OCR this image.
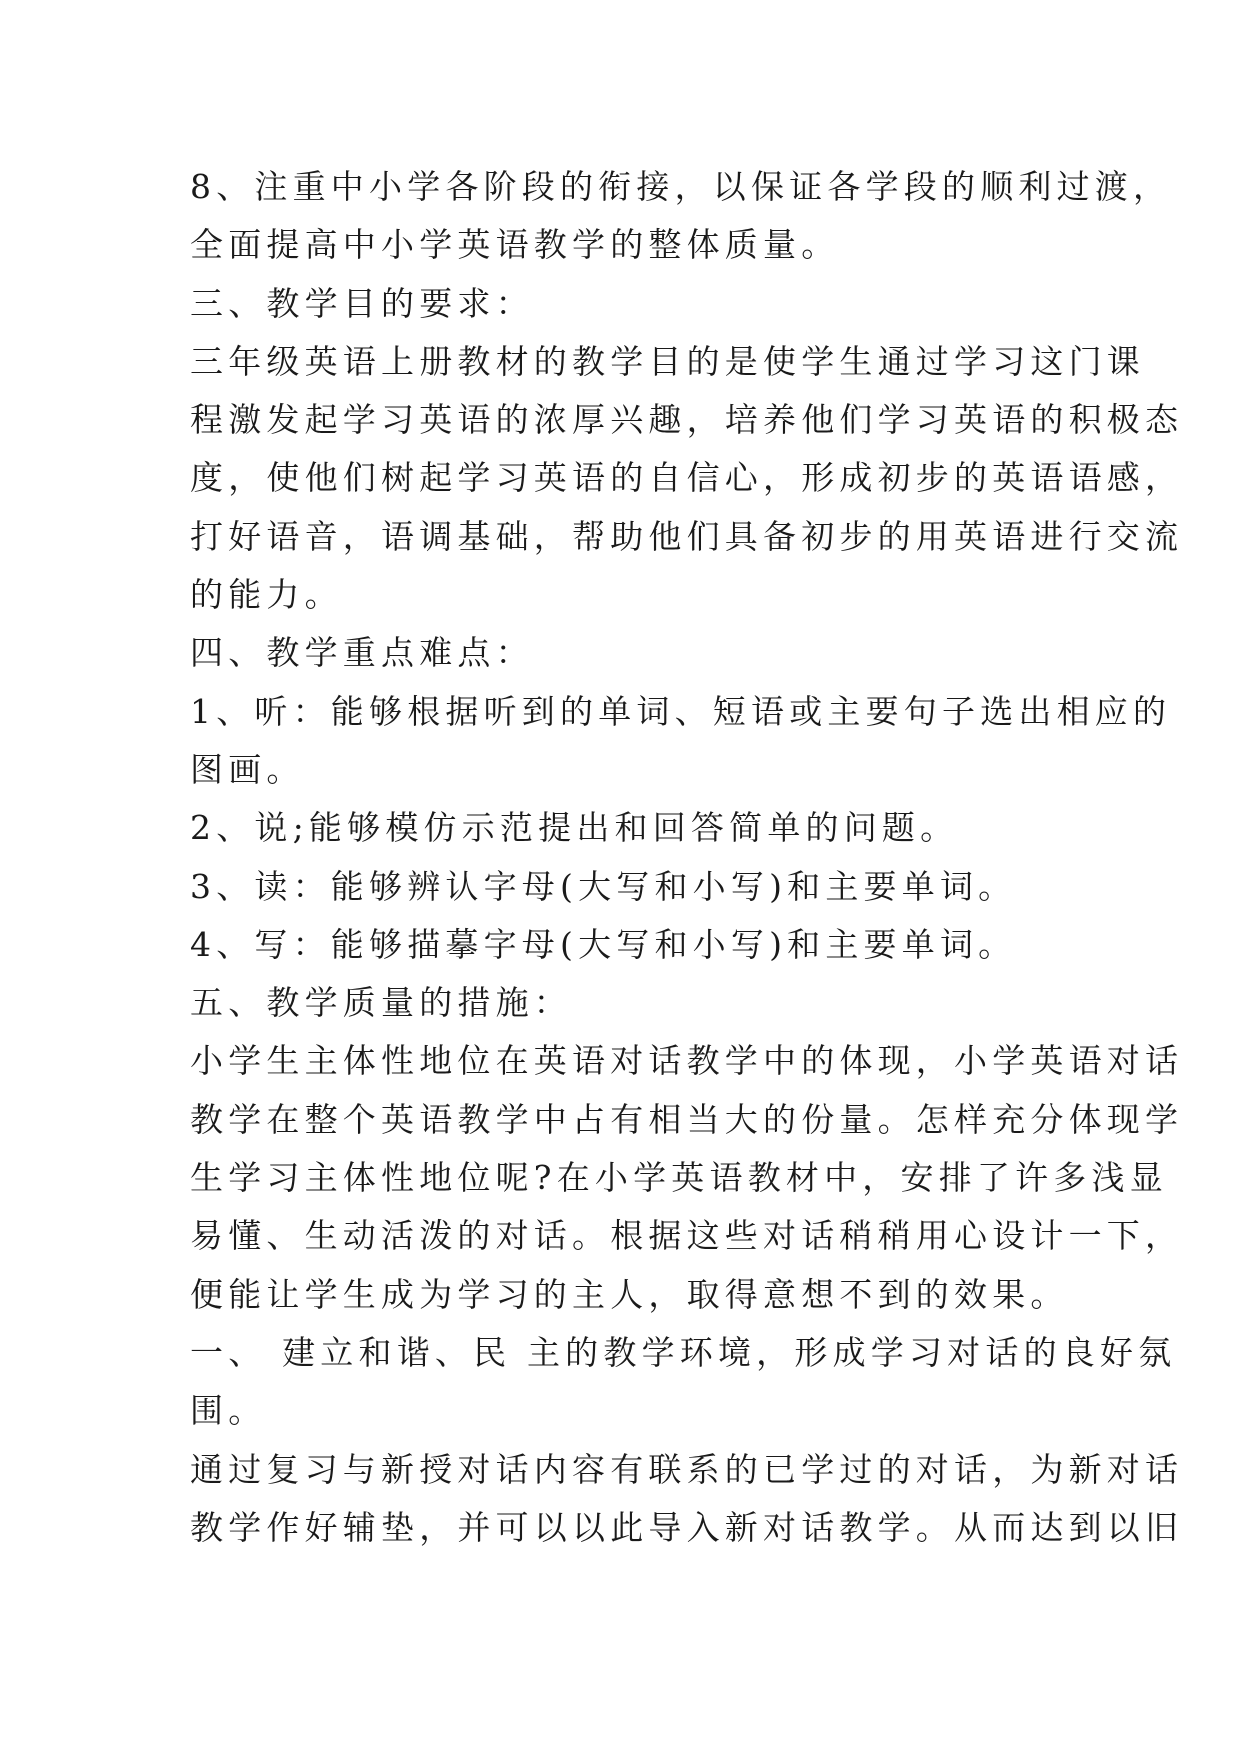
8、注重中小学各阶段的衔接，以保证各学段的顺利过渡，
全面提高中小学英语教学的整体质量。
三、教学目的要求：
三年级英语上册教材的教学目的是使学生通过学习这门课
程激发起学习英语的浓厚兴趣，培养他们学习英语的积极态
度，使他们树起学习英语的自信心，形成初步的英语语感，
打好语音，语调基础，帮助他们具备初步的用英语进行交流
的能力。
四、教学重点难点：
1、听：能够根据听到的单词、短语或主要句子选出相应的
图画。
2、说;能够模仿示范提出和回答简单的问题。
3、读：能够辨认字母(大写和小写)和主要单词。
4、写：能够描摹字母(大写和小写)和主要单词。
五、教学质量的措施：
小学生主体性地位在英语对话教学中的体现，小学英语对话
教学在整个英语教学中占有相当大的份量。怎样充分体现学
生学习主体性地位呢?在小学英语教材中，安排了许多浅显
易懂、生动活泼的对话。根据这些对话稍稍用心设计一下，
便能让学生成为学习的主人，取得意想不到的效果。
一、 建立和谐、民 主的教学环境，形成学习对话的良好氛
围。
通过复习与新授对话内容有联系的已学过的对话，为新对话
教学作好辅垫，并可以以此导入新对话教学。从而达到以旧
